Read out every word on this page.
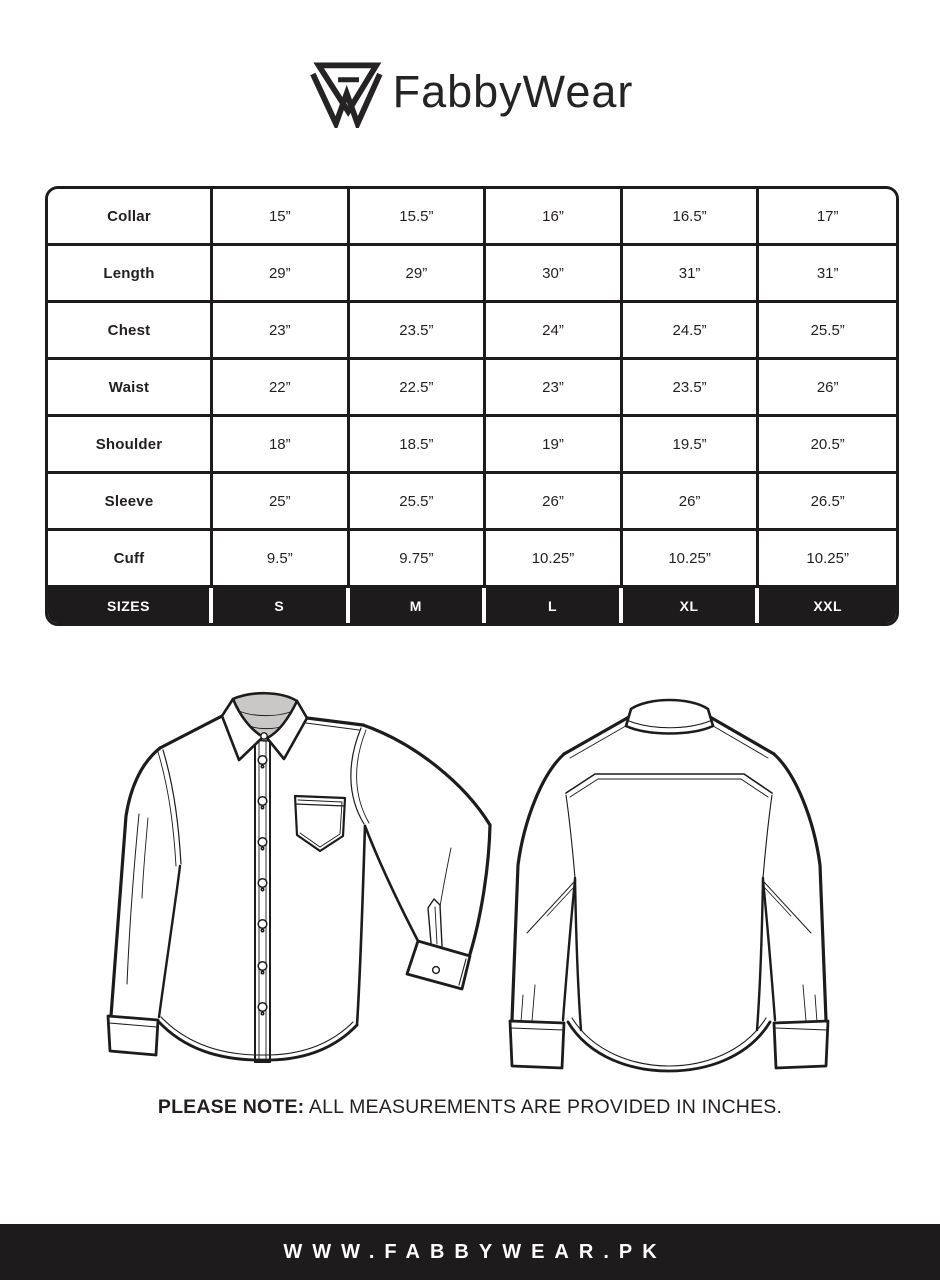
FabbyWear
Collar	15”	15.5”	16”	16.5”	17”
Length	29”	29”	30”	31”	31”
Chest	23”	23.5”	24”	24.5”	25.5”
Waist	22”	22.5”	23”	23.5”	26”
Shoulder	18”	18.5”	19”	19.5”	20.5”
Sleeve	25”	25.5”	26”	26”	26.5”
Cuff	9.5”	9.75”	10.25”	10.25”	10.25”
SIZES	S	M	L	XL	XXL
PLEASE NOTE: ALL MEASUREMENTS ARE PROVIDED IN INCHES.
WWW.FABBYWEAR.PK
